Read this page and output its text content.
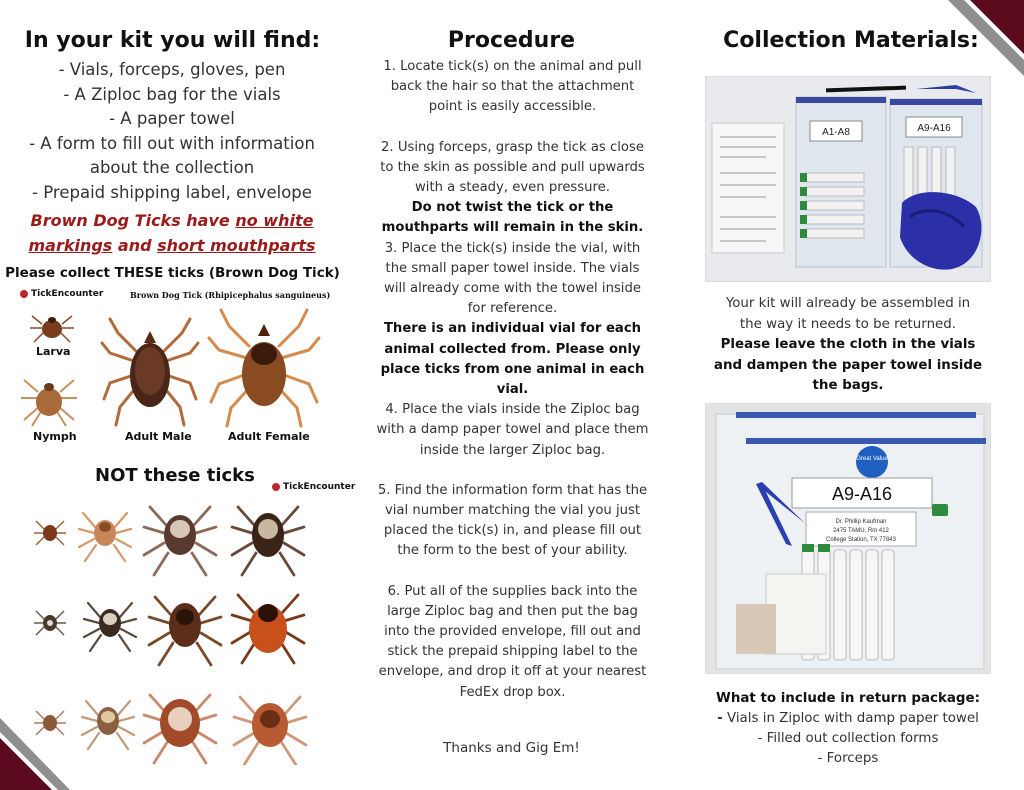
In your kit you will find:
- Vials, forceps, gloves, pen
- A Ziploc bag for the vials
- A paper towel
- A form to fill out with information about the collection
- Prepaid shipping label, envelope
Brown Dog Ticks have no white markings and short mouthparts
Please collect THESE ticks (Brown Dog Tick)
TickEncounter	Brown Dog Tick (Rhipicephalus sanguineus)
Larva
Nymph	Adult Male	Adult Female
NOT these ticks
TickEncounter
Procedure

1. Locate tick(s) on the animal and pull back the hair so that the attachment point is easily accessible.

2. Using forceps, grasp the tick as close to the skin as possible and pull upwards with a steady, even pressure.

Do not twist the tick or the mouthparts will remain in the skin.

3. Place the tick(s) inside the vial, with the small paper towel inside. The vials will already come with the towel inside for reference.

There is an individual vial for each animal collected from. Please only place ticks from one animal in each vial.

4. Place the vials inside the Ziploc bag with a damp paper towel and place them inside the larger Ziploc bag.

5. Find the information form that has the vial number matching the vial you just placed the tick(s) in, and please fill out the form to the best of your ability.

6. Put all of the supplies back into the large Ziploc bag and then put the bag into the provided envelope, fill out and stick the prepaid shipping label to the envelope, and drop it off at your nearest FedEx drop box.

Thanks and Gig Em!
Collection Materials:
A1-A8	A9-A16

Your kit will already be assembled in the way it needs to be returned.

Please leave the cloth in the vials and dampen the paper towel inside the bags.

Great Value
A9-A16
Dr. Phillip Kaufman
2475 TAMU, Rm 412
College Station, TX 77843

What to include in return package:

- Vials in Ziploc with damp paper towel

- Filled out collection forms

- Forceps
